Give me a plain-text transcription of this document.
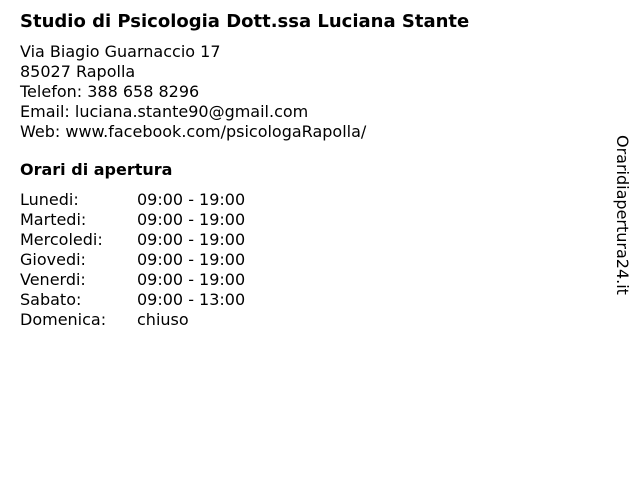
Studio di Psicologia Dott.ssa Luciana Stante
Via Biagio Guarnaccio 17
85027 Rapolla
Telefon: 388 658 8296
Email: luciana.stante90@gmail.com
Web: www.facebook.com/psicologaRapolla/
Orari di apertura
Lunedi:	09:00 - 19:00
Martedi:	09:00 - 19:00
Mercoledi:	09:00 - 19:00
Giovedi:	09:00 - 19:00
Venerdi:	09:00 - 19:00
Sabato:	09:00 - 13:00
Domenica:	chiuso
Oraridiapertura24.it
